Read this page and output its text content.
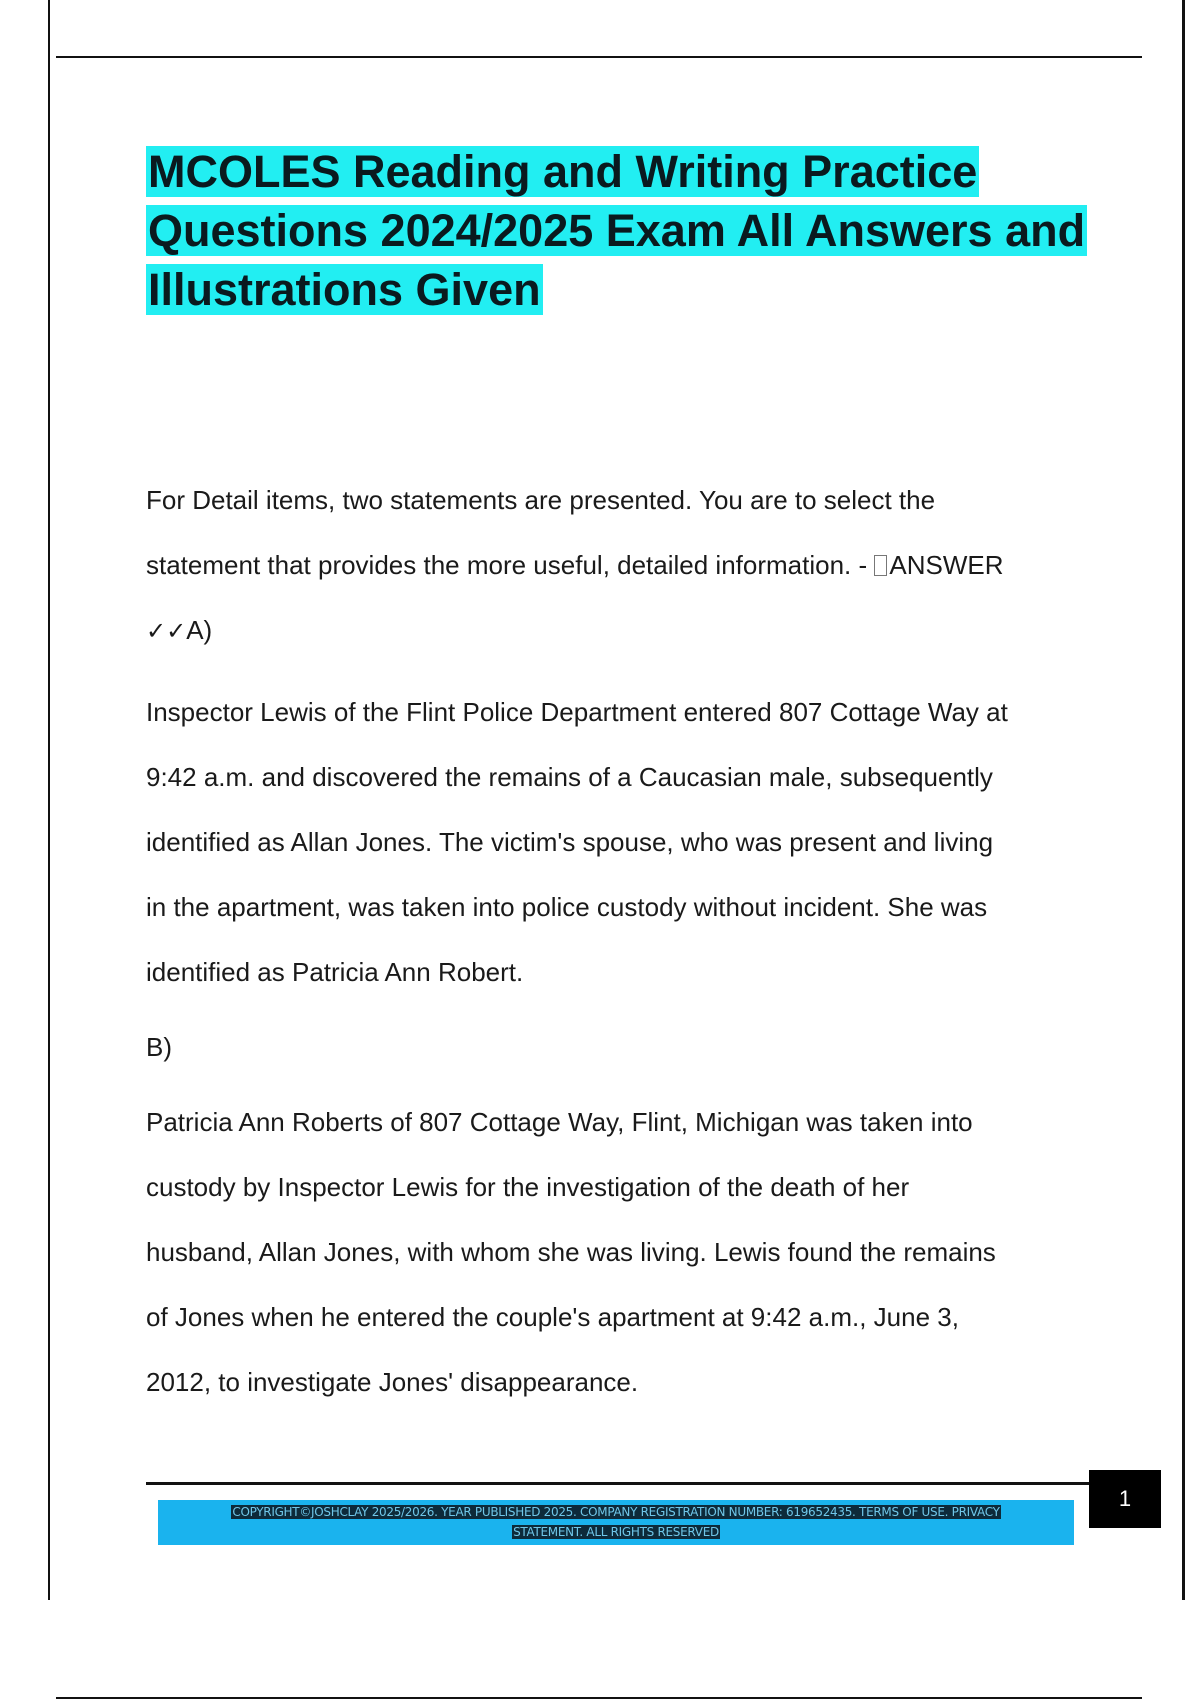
MCOLES Reading and Writing Practice Questions 2024/2025 Exam All Answers and Illustrations Given

For Detail items, two statements are presented. You are to select the

statement that provides the more useful, detailed information. - ANSWER

✓✓A)

Inspector Lewis of the Flint Police Department entered 807 Cottage Way at

9:42 a.m. and discovered the remains of a Caucasian male, subsequently

identified as Allan Jones. The victim's spouse, who was present and living

in the apartment, was taken into police custody without incident. She was

identified as Patricia Ann Robert.

B)

Patricia Ann Roberts of 807 Cottage Way, Flint, Michigan was taken into

custody by Inspector Lewis for the investigation of the death of her

husband, Allan Jones, with whom she was living. Lewis found the remains

of Jones when he entered the couple's apartment at 9:42 a.m., June 3,

2012, to investigate Jones' disappearance.

1
COPYRIGHT©JOSHCLAY 2025/2026. YEAR PUBLISHED 2025. COMPANY REGISTRATION NUMBER: 619652435. TERMS OF USE. PRIVACY
STATEMENT. ALL RIGHTS RESERVED
